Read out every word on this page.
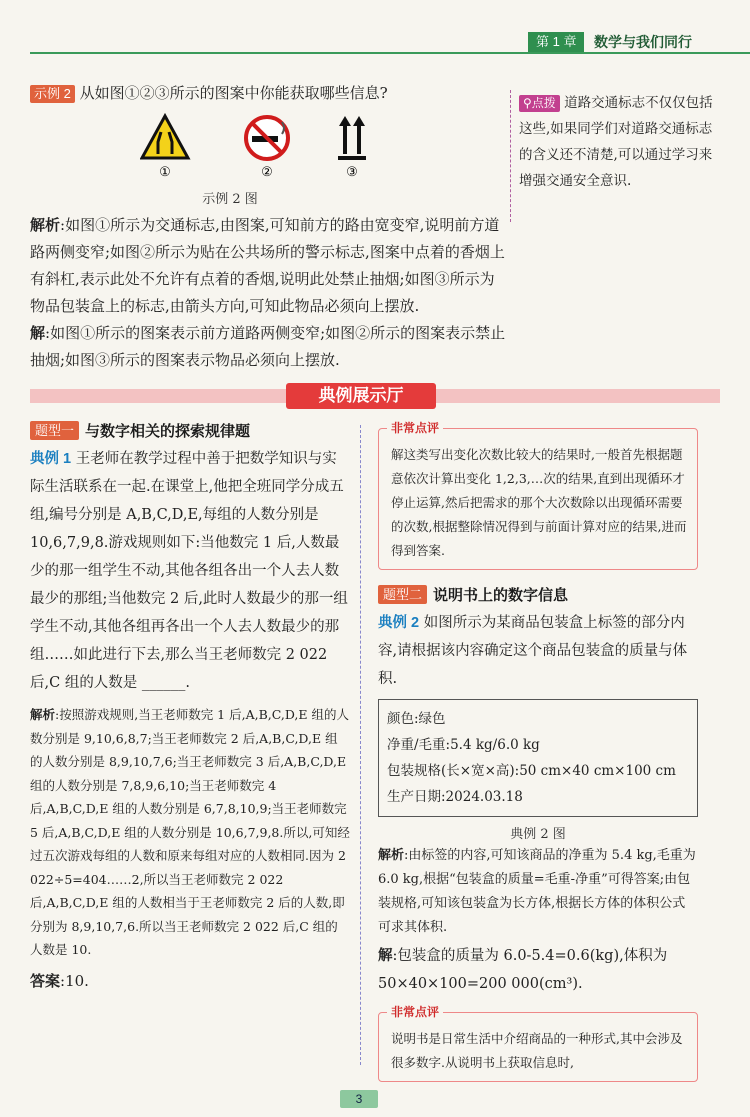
第 1 章	数学与我们同行

示例 2 从如图①②③所示的图案中你能获取哪些信息?

①	②	③
示例 2 图

解析:如图①所示为交通标志,由图案,可知前方的路由宽变窄,说明前方道路两侧变窄;如图②所示为贴在公共场所的警示标志,图案中点着的香烟上有斜杠,表示此处不允许有点着的香烟,说明此处禁止抽烟;如图③所示为物品包装盒上的标志,由箭头方向,可知此物品必须向上摆放.

解:如图①所示的图案表示前方道路两侧变窄;如图②所示的图案表示禁止抽烟;如图③所示的图案表示物品必须向上摆放.

⚲点拨 道路交通标志不仅仅包括这些,如果同学们对道路交通标志的含义还不清楚,可以通过学习来增强交通安全意识.

典例展示厅
题型一 与数字相关的探索规律题

典例 1 王老师在教学过程中善于把数学知识与实际生活联系在一起.在课堂上,他把全班同学分成五组,编号分别是 A,B,C,D,E,每组的人数分别是 10,6,7,9,8.游戏规则如下:当他数完 1 后,人数最少的那一组学生不动,其他各组各出一个人去人数最少的那组;当他数完 2 后,此时人数最少的那一组学生不动,其他各组再各出一个人去人数最少的那组……如此进行下去,那么当王老师数完 2 022 后,C 组的人数是 ______.

解析:按照游戏规则,当王老师数完 1 后,A,B,C,D,E 组的人数分别是 9,10,6,8,7;当王老师数完 2 后,A,B,C,D,E 组的人数分别是 8,9,10,7,6;当王老师数完 3 后,A,B,C,D,E 组的人数分别是 7,8,9,6,10;当王老师数完 4 后,A,B,C,D,E 组的人数分别是 6,7,8,10,9;当王老师数完 5 后,A,B,C,D,E 组的人数分别是 10,6,7,9,8.所以,可知经过五次游戏每组的人数和原来每组对应的人数相同.因为 2 022÷5=404……2,所以当王老师数完 2 022 后,A,B,C,D,E 组的人数相当于王老师数完 2 后的人数,即分别为 8,9,10,7,6.所以当王老师数完 2 022 后,C 组的人数是 10.

答案:10.

非常点评

解这类写出变化次数比较大的结果时,一般首先根据题意依次计算出变化 1,2,3,…次的结果,直到出现循环才停止运算,然后把需求的那个大次数除以出现循环需要的次数,根据整除情况得到与前面计算对应的结果,进而得到答案.

题型二 说明书上的数字信息

典例 2 如图所示为某商品包装盒上标签的部分内容,请根据该内容确定这个商品包装盒的质量与体积.

颜色:绿色

净重/毛重:5.4 kg/6.0 kg

包装规格(长×宽×高):50 cm×40 cm×100 cm

生产日期:2024.03.18

典例 2 图

解析:由标签的内容,可知该商品的净重为 5.4 kg,毛重为 6.0 kg,根据“包装盒的质量=毛重-净重”可得答案;由包装规格,可知该包装盒为长方体,根据长方体的体积公式可求其体积.

解:包装盒的质量为 6.0-5.4=0.6(kg),体积为 50×40×100=200 000(cm³).

非常点评

说明书是日常生活中介绍商品的一种形式,其中会涉及很多数字.从说明书上获取信息时,

3
